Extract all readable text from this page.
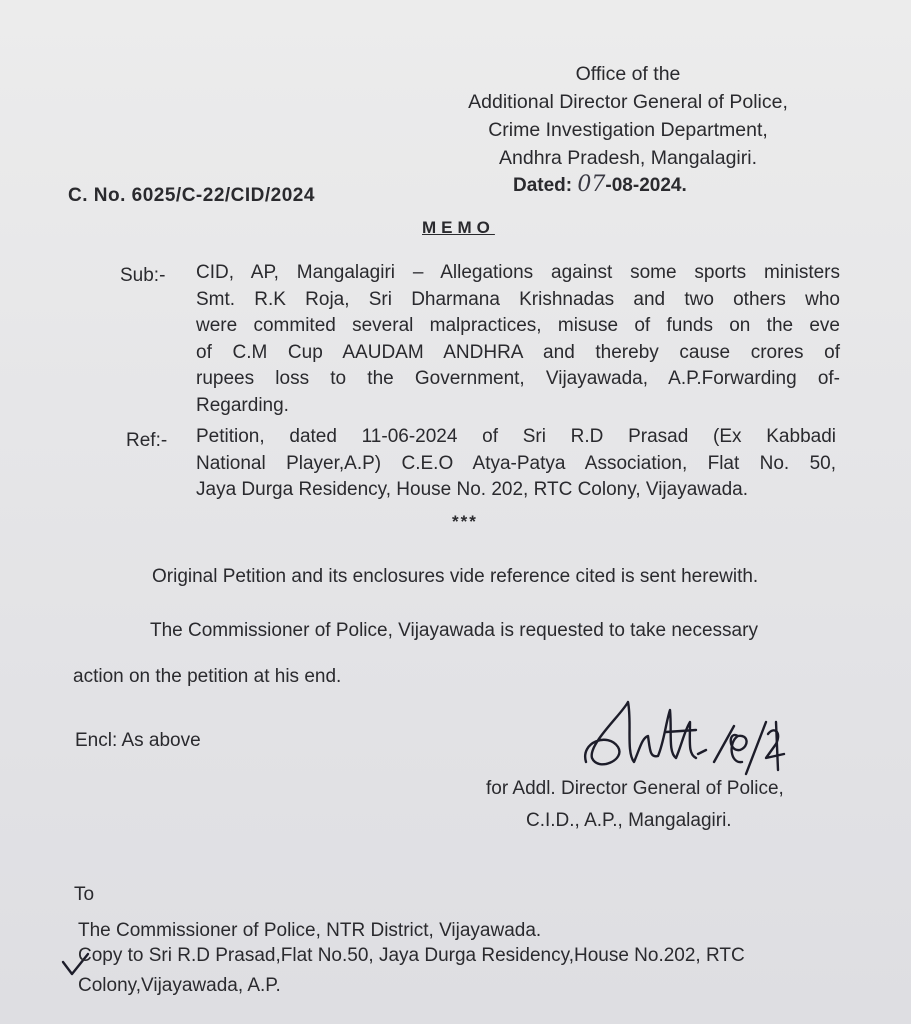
Office of the
Additional Director General of Police,
Crime Investigation Department,
Andhra Pradesh, Mangalagiri.
Dated: 07-08-2024.
C. No. 6025/C-22/CID/2024
MEMO
Sub:- CID, AP, Mangalagiri – Allegations against some sports ministers
Smt. R.K Roja, Sri Dharmana Krishnadas and two others who
were commited several malpractices, misuse of funds on the eve
of C.M Cup AAUDAM ANDHRA and thereby cause crores of
rupees loss to the Government, Vijayawada, A.P.Forwarding of-
Regarding.
Ref:- Petition, dated 11-06-2024 of Sri R.D Prasad (Ex Kabbadi
National Player,A.P) C.E.O Atya-Patya Association, Flat No. 50,
Jaya Durga Residency, House No. 202, RTC Colony, Vijayawada.
***
Original Petition and its enclosures vide reference cited is sent herewith.
The Commissioner of Police, Vijayawada is requested to take necessary
action on the petition at his end.
Encl: As above
for Addl. Director General of Police,
C.I.D., A.P., Mangalagiri.
To
The Commissioner of Police, NTR District, Vijayawada.
Copy to Sri R.D Prasad,Flat No.50, Jaya Durga Residency,House No.202, RTC
Colony,Vijayawada, A.P.
